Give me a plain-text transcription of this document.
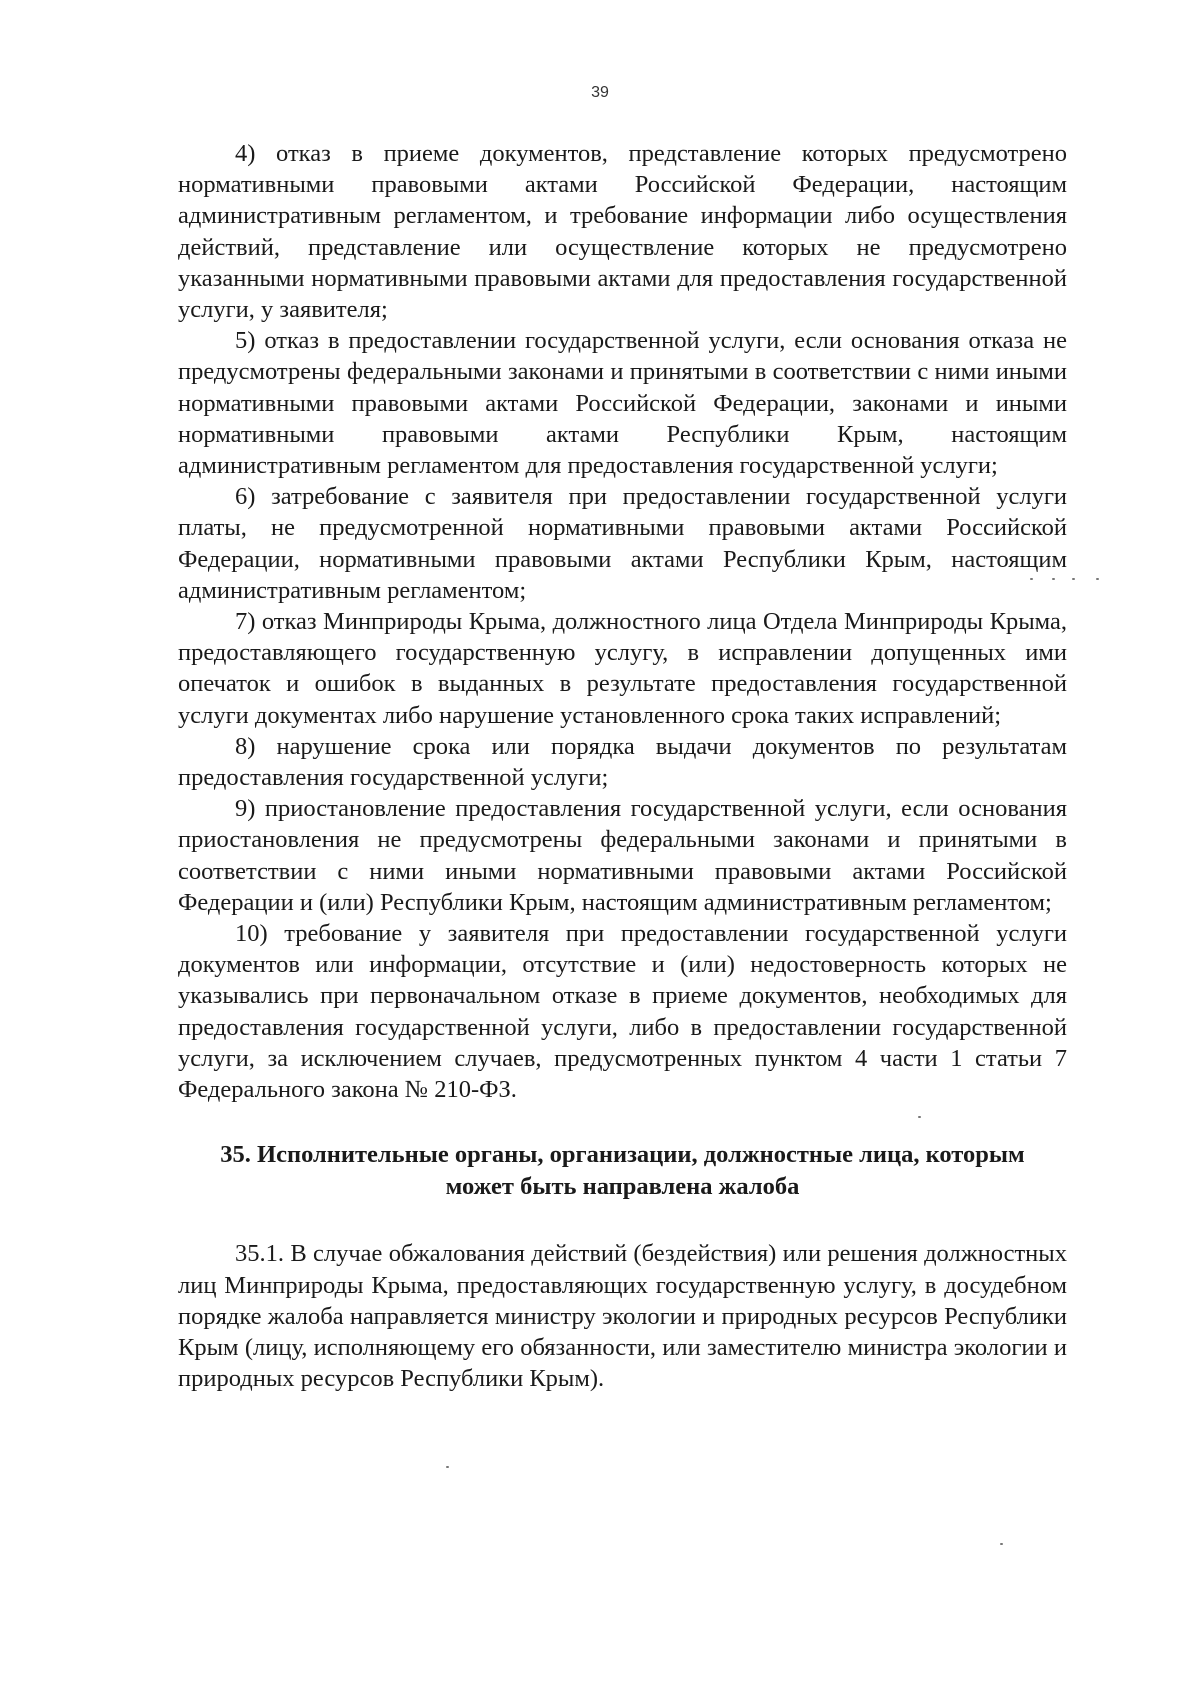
39

4) отказ в приеме документов, представление которых предусмотрено нормативными правовыми актами Российской Федерации, настоящим административным регламентом, и требование информации либо осуществления действий, представление или осуществление которых не предусмотрено указанными нормативными правовыми актами для предоставления государственной услуги, у заявителя;

5) отказ в предоставлении государственной услуги, если основания отказа не предусмотрены федеральными законами и принятыми в соответствии с ними иными нормативными правовыми актами Российской Федерации, законами и иными нормативными правовыми актами Республики Крым, настоящим административным регламентом для предоставления государственной услуги;

6) затребование с заявителя при предоставлении государственной услуги платы, не предусмотренной нормативными правовыми актами Российской Федерации, нормативными правовыми актами Республики Крым, настоящим административным регламентом;

7) отказ Минприроды Крыма, должностного лица Отдела Минприроды Крыма, предоставляющего государственную услугу, в исправлении допущенных ими опечаток и ошибок в выданных в результате предоставления государственной услуги документах либо нарушение установленного срока таких исправлений;

8) нарушение срока или порядка выдачи документов по результатам предоставления государственной услуги;

9) приостановление предоставления государственной услуги, если основания приостановления не предусмотрены федеральными законами и принятыми в соответствии с ними иными нормативными правовыми актами Российской Федерации и (или) Республики Крым, настоящим административным регламентом;

10) требование у заявителя при предоставлении государственной услуги документов или информации, отсутствие и (или) недостоверность которых не указывались при первоначальном отказе в приеме документов, необходимых для предоставления государственной услуги, либо в предоставлении государственной услуги, за исключением случаев, предусмотренных пунктом 4 части 1 статьи 7 Федерального закона № 210-ФЗ.

35. Исполнительные органы, организации, должностные лица, которым
может быть направлена жалоба

35.1. В случае обжалования действий (бездействия) или решения должностных лиц Минприроды Крыма, предоставляющих государственную услугу, в досудебном порядке жалоба направляется министру экологии и природных ресурсов Республики Крым (лицу, исполняющему его обязанности, или заместителю министра экологии и природных ресурсов Республики Крым).
